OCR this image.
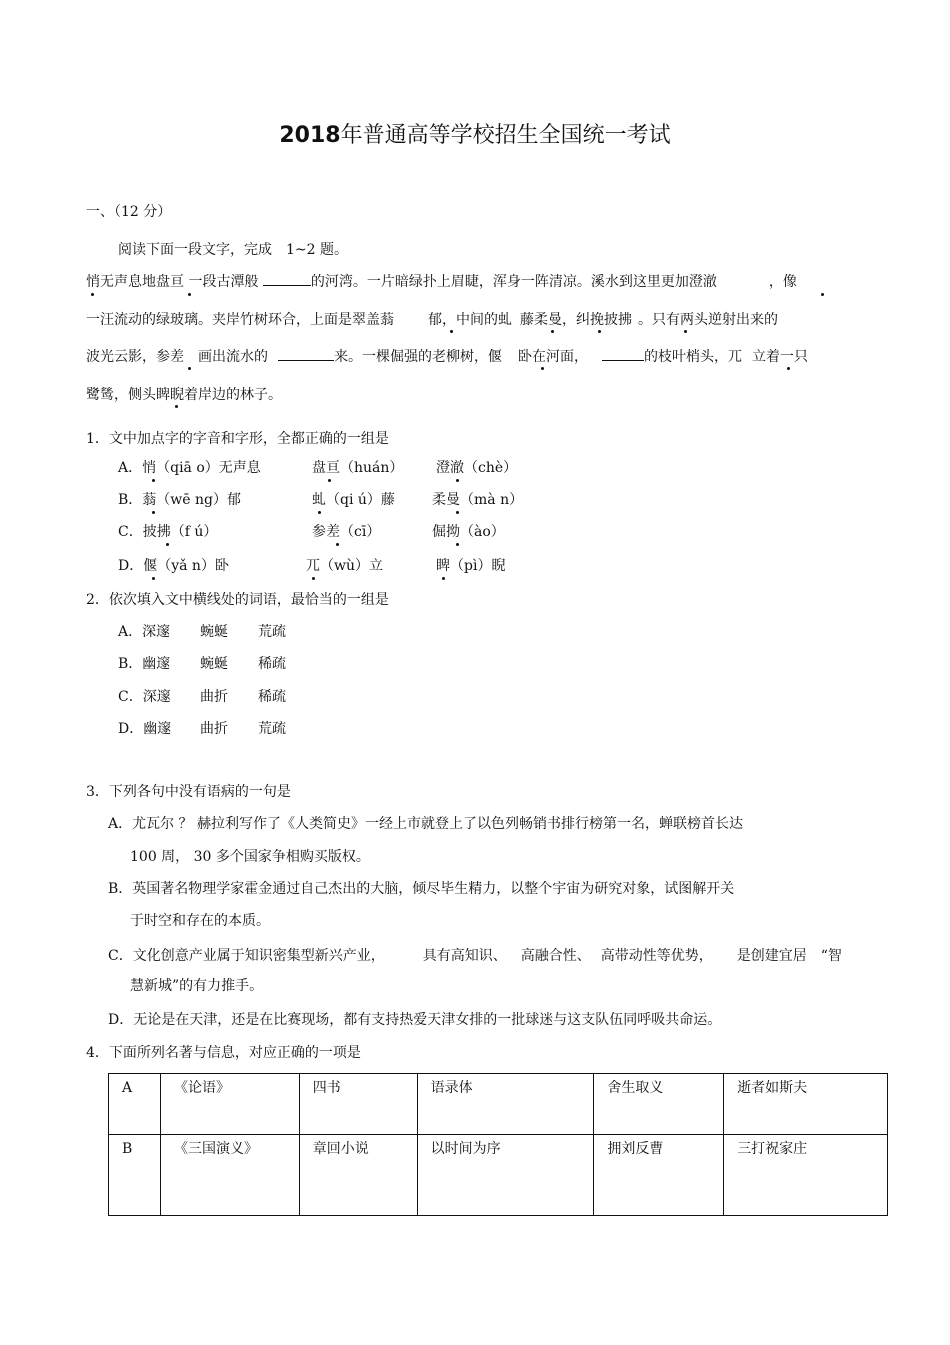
2018年普通高等学校招生全国统一考试
一、（12 分）
阅读下面一段文字，完成　1~2 题。
悄无声息地盘亘 一段古潭般	的河湾。一片暗绿扑上眉睫，浑身一阵清凉。溪水到这里更加澄澈	，像
一汪流动的绿玻璃。夹岸竹树环合，上面是翠盖蓊 郁，中间的虬 藤柔曼，纠挽披拂 。只有两头逆射出来的
波光云影，参差 画出流水的	来。一棵倔强的老柳树，偃 卧在河面，	的枝叶梢头，兀 立着一只
鹭鸶，侧头睥睨着岸边的林子。
1．文中加点字的字音和字形，全都正确的一组是
A．悄（qiā o）无声息	盘亘（huán） 澄澈（chè）
B．蓊（wē ng）郁	虬（qi ú）藤	柔曼（mà n）
C．披拂（f ú）	参差（cī）	倔拗（ào）
D．偃（yǎ n）卧	兀（wù）立	睥（pì）睨
2．依次填入文中横线处的词语，最恰当的一组是
A．深邃 蜿蜒 荒疏
B．幽邃 蜿蜒 稀疏
C．深邃 曲折 稀疏
D．幽邃 曲折 荒疏
3．下列各句中没有语病的一句是
A．尤瓦尔 ？ 赫拉利写作了《人类简史》一经上市就登上了以色列畅销书排行榜第一名，蝉联榜首长达
100 周， 30 多个国家争相购买版权。
B．英国著名物理学家霍金通过自己杰出的大脑，倾尽毕生精力，以整个宇宙为研究对象，试图解开关
于时空和存在的本质。
C．文化创意产业属于知识密集型新兴产业，	具有高知识、 高融合性、 高带动性等优势， 是创建宜居 “智
慧新城”的有力推手。
D．无论是在天津，还是在比赛现场，都有支持热爱天津女排的一批球迷与这支队伍同呼吸共命运。
4．下面所列名著与信息，对应正确的一项是
A	《论语》	四书	语录体	舍生取义	逝者如斯夫
B	《三国演义》	章回小说	以时间为序	拥刘反曹	三打祝家庄
